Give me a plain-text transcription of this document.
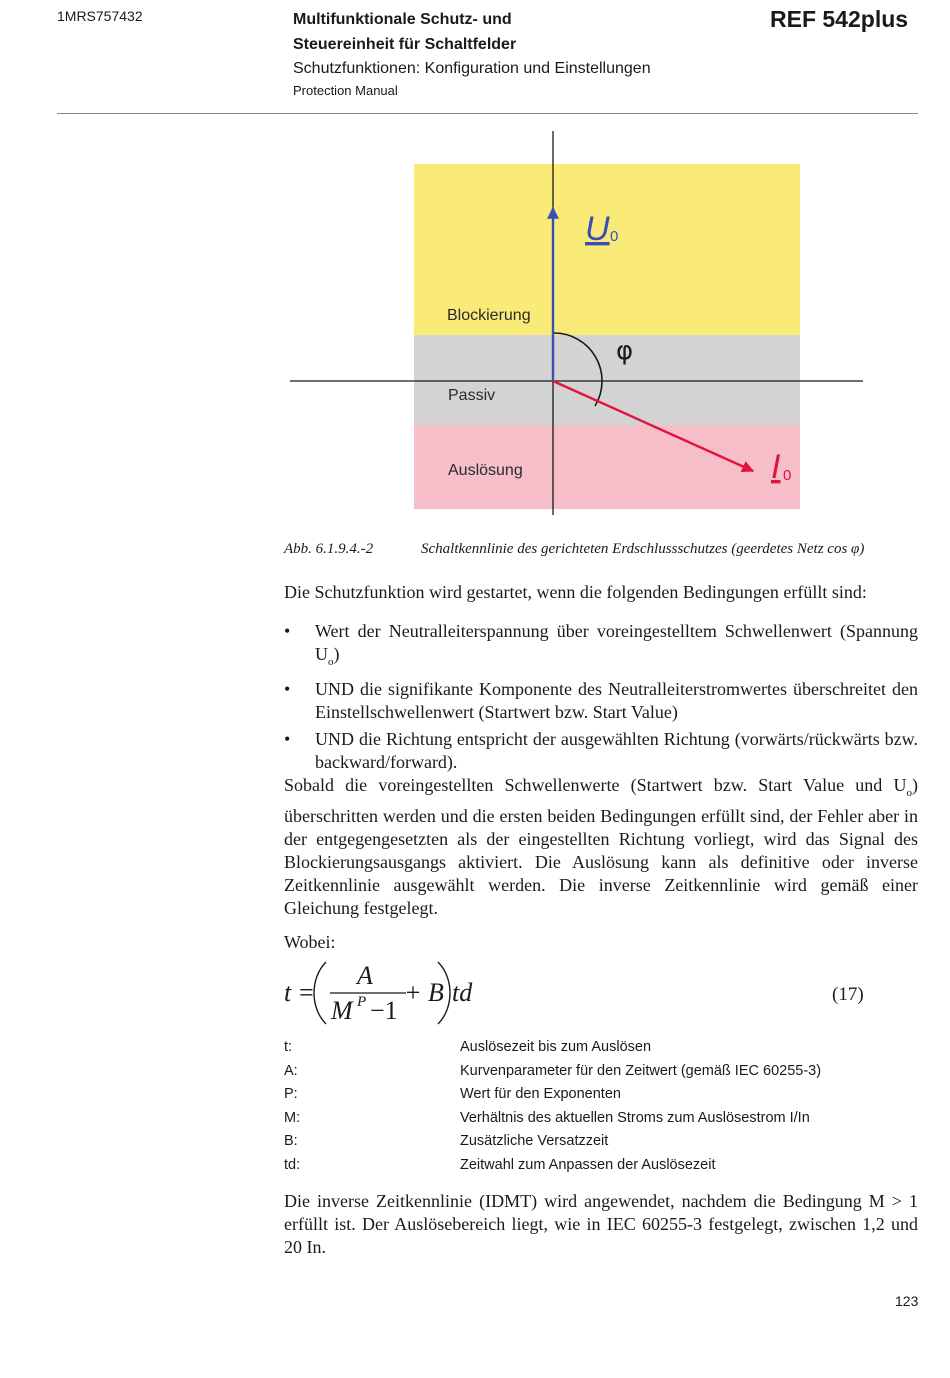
1MRS757432	Multifunktionale Schutz- und
Steuereinheit für Schaltfelder
Schutzfunktionen: Konfiguration und Einstellungen
Protection Manual
REF 542plus
Blockierung
Passiv
Auslösung
φ
U 0
I 0
Abb. 6.1.9.4.-2	Schaltkennlinie des gerichteten Erdschlussschutzes (geerdetes Netz cos φ)
Die Schutzfunktion wird gestartet, wenn die folgenden Bedingungen erfüllt sind:
• Wert der Neutralleiterspannung über voreingestelltem Schwellenwert (Spannung $U_o$)
• UND die signifikante Komponente des Neutralleiterstromwertes überschreitet den Einstellschwellenwert (Startwert bzw. Start Value)
• UND die Richtung entspricht der ausgewählten Richtung (vorwärts/rückwärts bzw. backward/forward).
Sobald die voreingestellten Schwellenwerte (Startwert bzw. Start Value und $U_o$) überschritten werden und die ersten beiden Bedingungen erfüllt sind, der Fehler aber in der entgegengesetzten als der eingestellten Richtung vorliegt, wird das Signal des Blockierungsausgangs aktiviert. Die Auslösung kann als definitive oder inverse Zeitkennlinie ausgewählt werden. Die inverse Zeitkennlinie wird gemäß einer Gleichung festgelegt.
Wobei:
t =
A
M P −1
+ B td	(17)
t:	Auslösezeit bis zum Auslösen
A:	Kurvenparameter für den Zeitwert (gemäß IEC 60255-3)
P:	Wert für den Exponenten
M:	Verhältnis des aktuellen Stroms zum Auslösestrom I/In
B:	Zusätzliche Versatzzeit
td:	Zeitwahl zum Anpassen der Auslösezeit
Die inverse Zeitkennlinie (IDMT) wird angewendet, nachdem die Bedingung M > 1 erfüllt ist. Der Auslösebereich liegt, wie in IEC 60255-3 festgelegt, zwischen 1,2 und 20 In.
123
